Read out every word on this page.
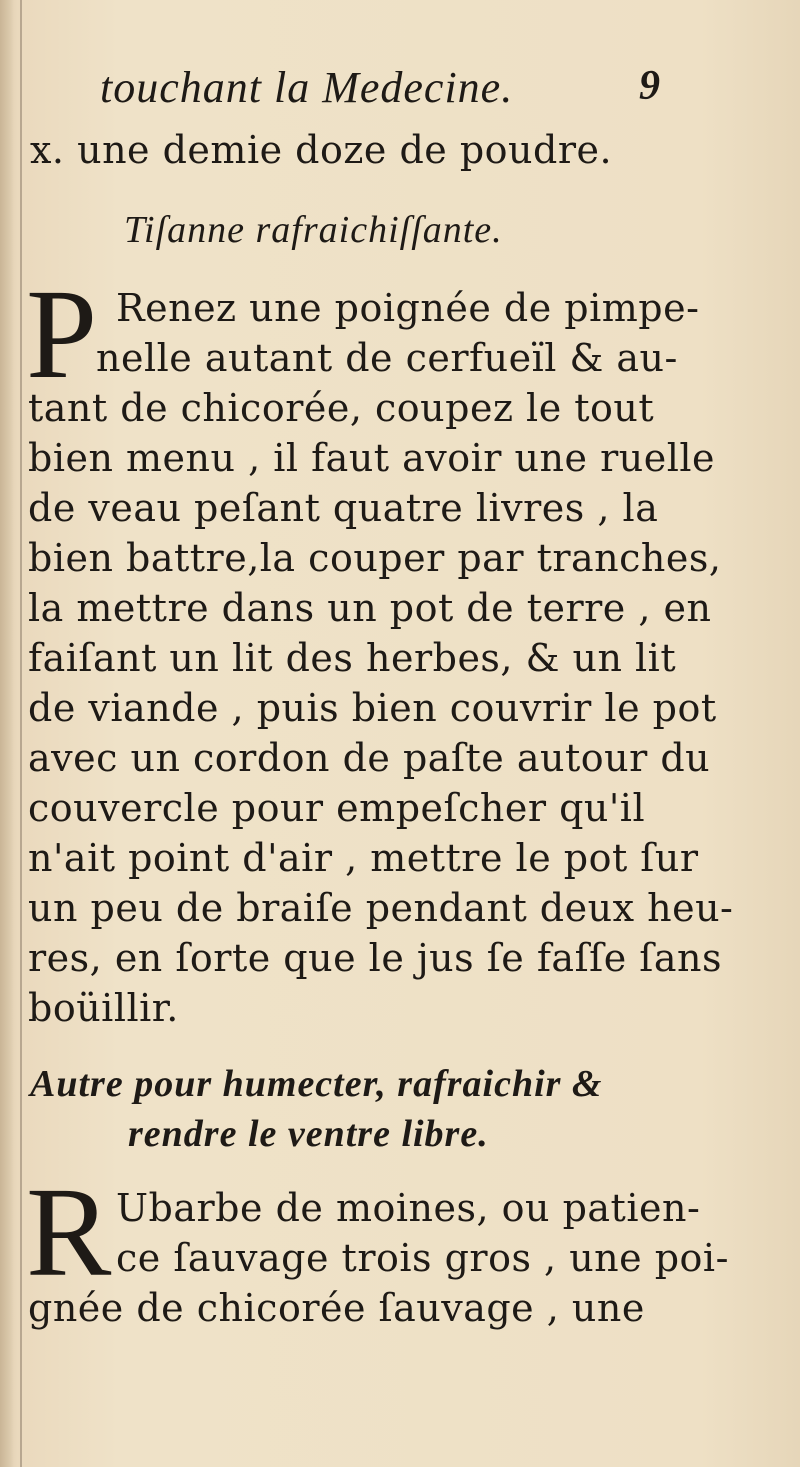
touchant la Medecine.	9
x. une demie doze de poudre.
Tiſanne rafraichiſſante.
P Renez une poignée de pimpe-
nelle autant de cerfueïl & au-
tant de chicorée, coupez le tout
bien menu , il faut avoir une ruelle
de veau peſant quatre livres , la
bien battre,la couper par tranches,
la mettre dans un pot de terre , en
faiſant un lit des herbes, & un lit
de viande , puis bien couvrir le pot
avec un cordon de paſte autour du
couvercle pour empeſcher qu'il
n'ait point d'air , mettre le pot ſur
un peu de braiſe pendant deux heu-
res, en ſorte que le jus ſe faſſe ſans
boüillir.
Autre pour humecter, rafraichir &
rendre le ventre libre.
R Ubarbe de moines, ou patien-
ce ſauvage trois gros , une poi-
gnée de chicorée ſauvage , une
